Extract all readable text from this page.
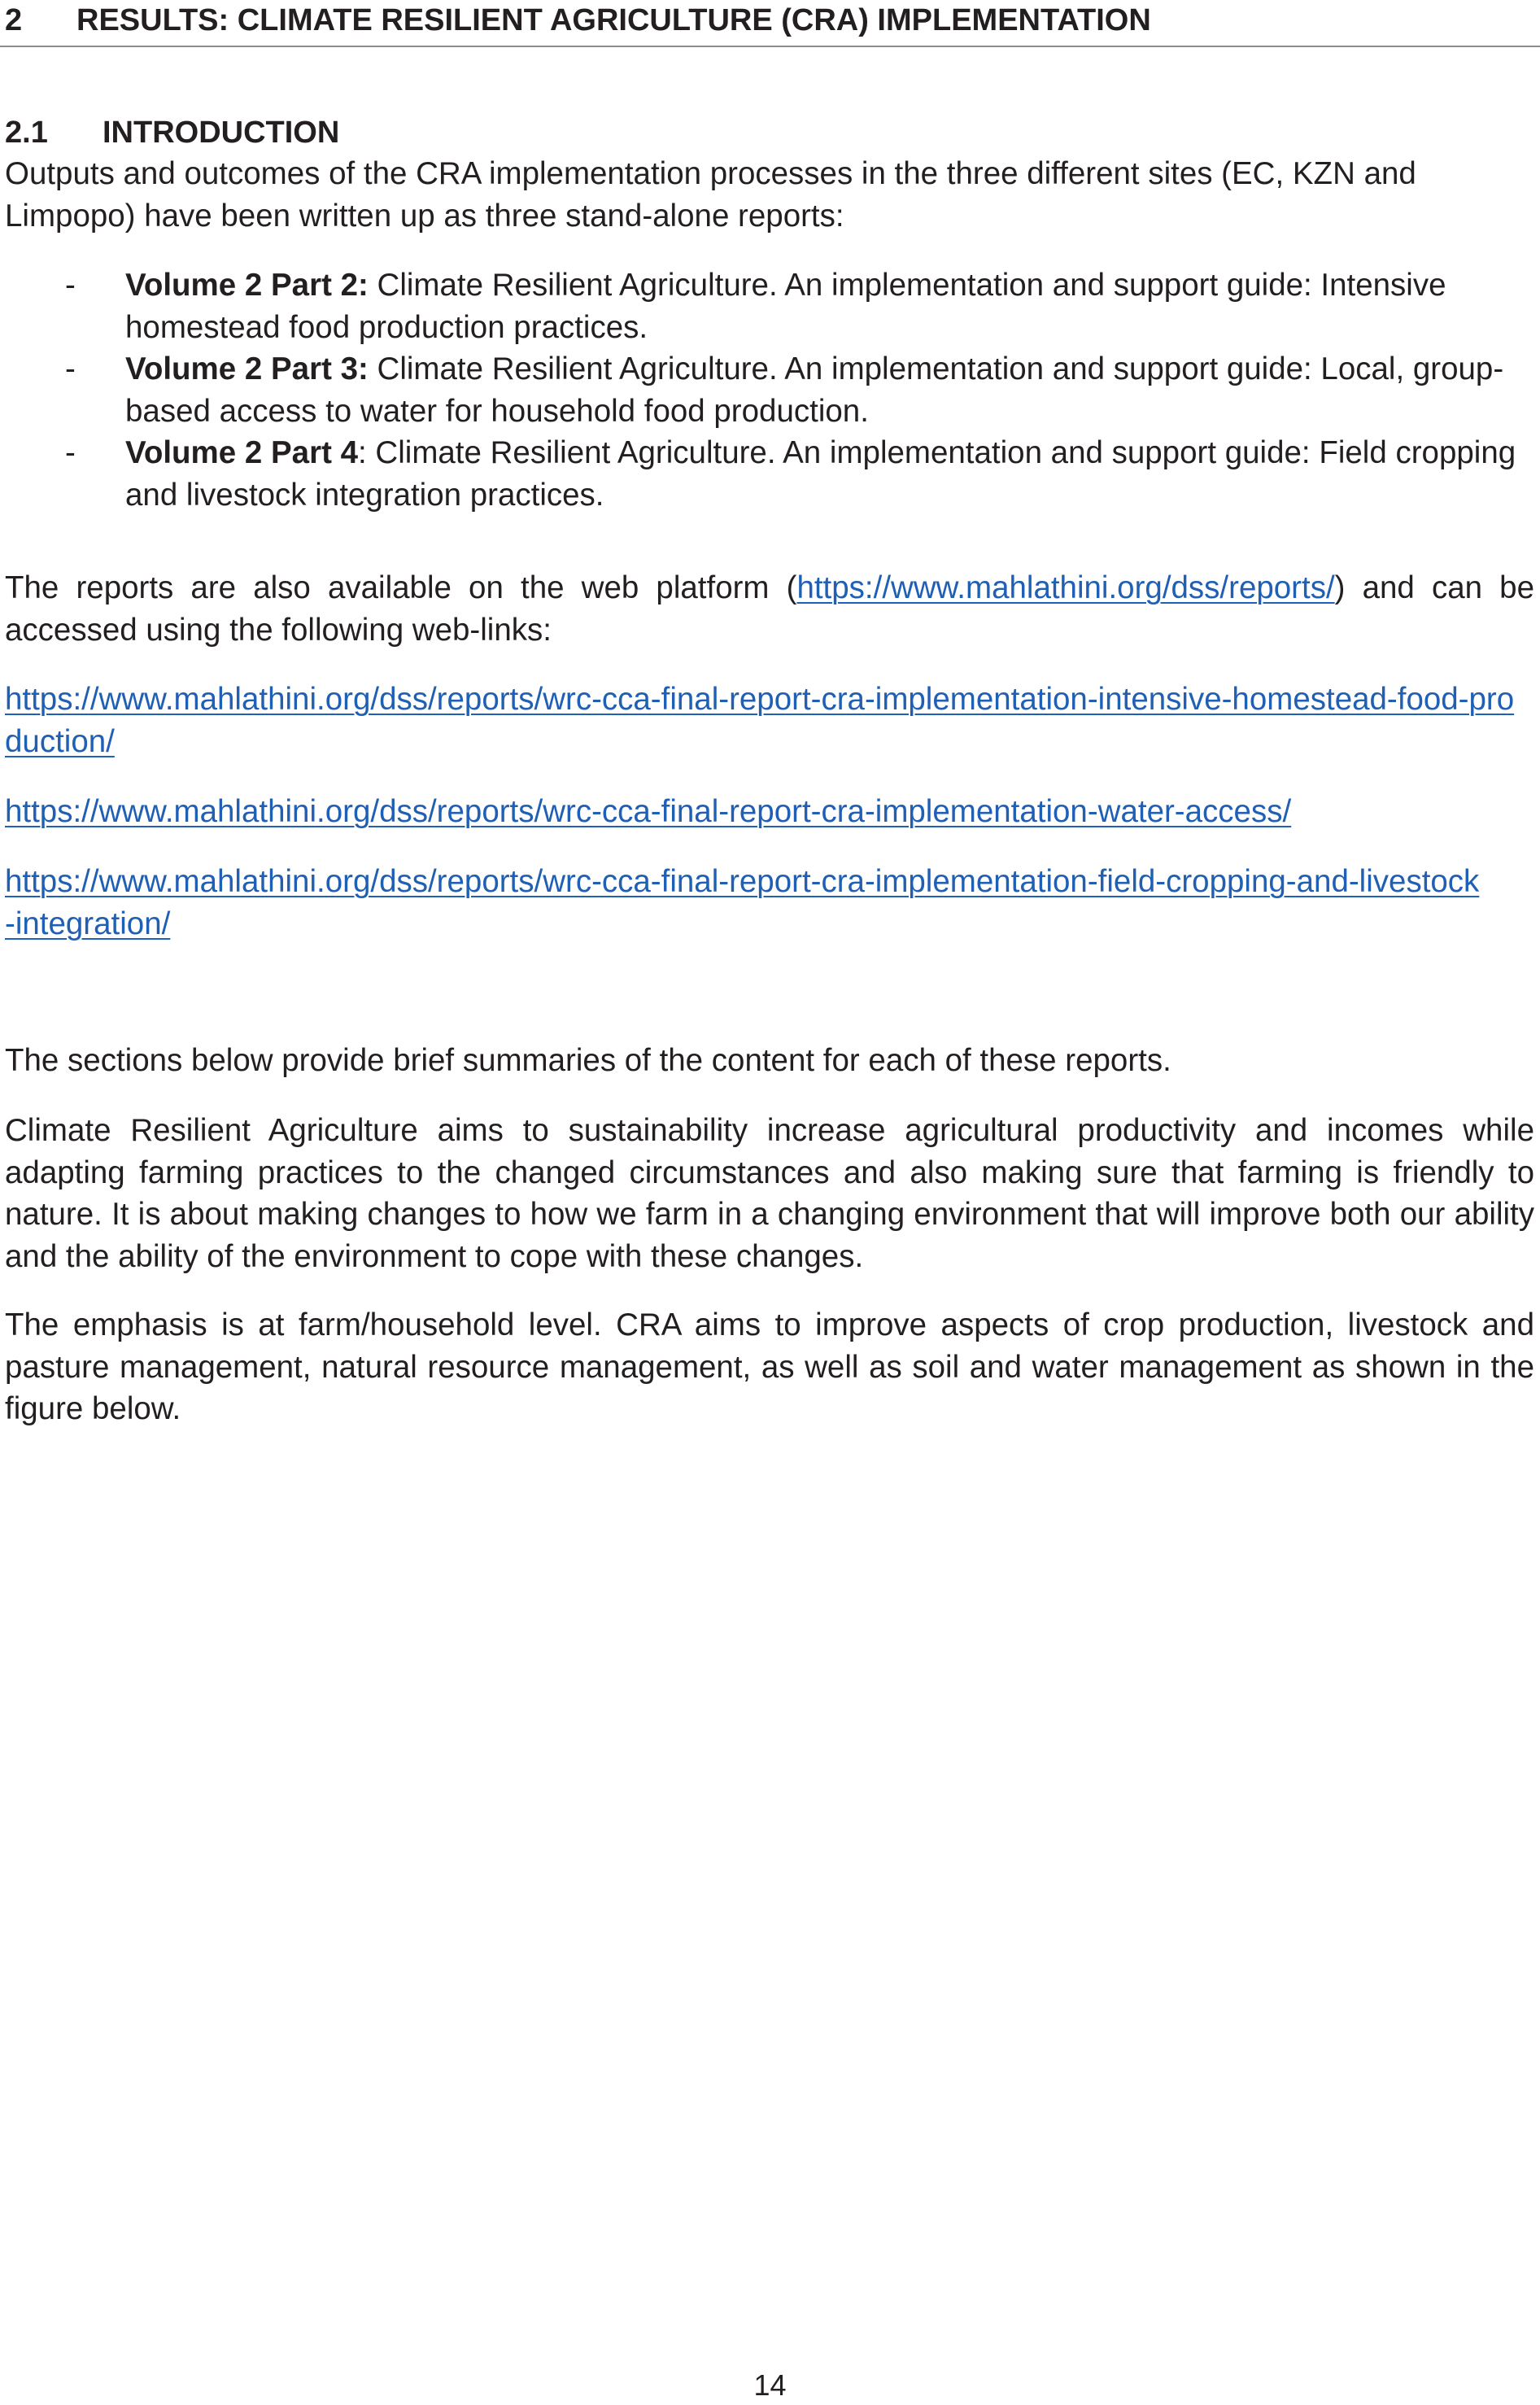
2 RESULTS: CLIMATE RESILIENT AGRICULTURE (CRA) IMPLEMENTATION
2.1 INTRODUCTION

Outputs and outcomes of the CRA implementation processes in the three different sites (EC, KZN and Limpopo) have been written up as three stand-alone reports:

- Volume 2 Part 2: Climate Resilient Agriculture. An implementation and support guide: Intensive homestead food production practices.
- Volume 2 Part 3: Climate Resilient Agriculture. An implementation and support guide: Local, group-based access to water for household food production.
- Volume 2 Part 4: Climate Resilient Agriculture. An implementation and support guide: Field cropping and livestock integration practices.

The reports are also available on the web platform (https://www.mahlathini.org/dss/reports/) and can be accessed using the following web-links:

https://www.mahlathini.org/dss/reports/wrc-cca-final-report-cra-implementation-intensive-homestead-food-production/

https://www.mahlathini.org/dss/reports/wrc-cca-final-report-cra-implementation-water-access/

https://www.mahlathini.org/dss/reports/wrc-cca-final-report-cra-implementation-field-cropping-and-livestock-integration/

The sections below provide brief summaries of the content for each of these reports.

Climate Resilient Agriculture aims to sustainability increase agricultural productivity and incomes while adapting farming practices to the changed circumstances and also making sure that farming is friendly to nature. It is about making changes to how we farm in a changing environment that will improve both our ability and the ability of the environment to cope with these changes.

The emphasis is at farm/household level. CRA aims to improve aspects of crop production, livestock and pasture management, natural resource management, as well as soil and water management as shown in the figure below.

14
